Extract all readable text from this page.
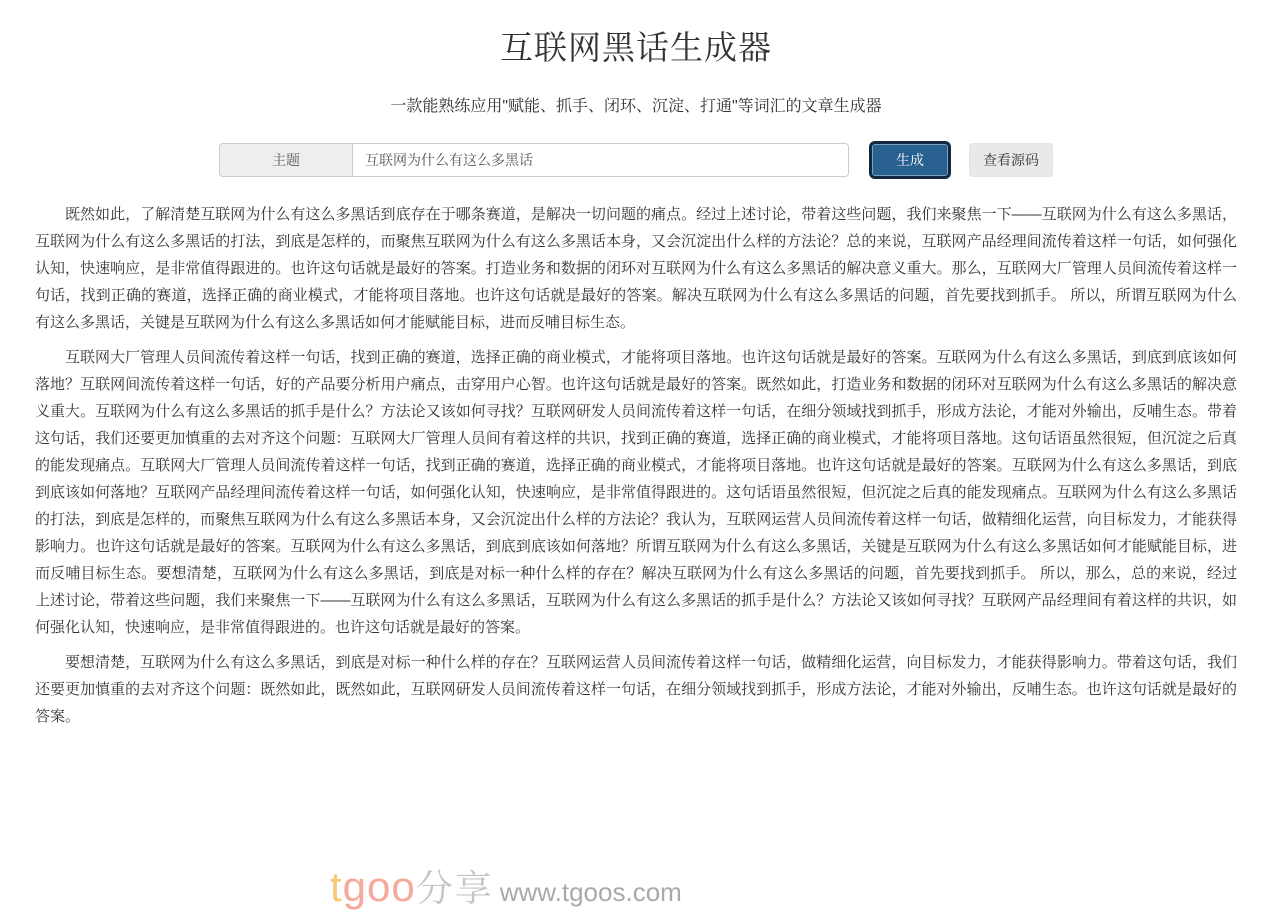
互联网黑话生成器
一款能熟练应用"赋能、抓手、闭环、沉淀、打通"等词汇的文章生成器
主题
互联网为什么有这么多黑话	生成	查看源码

既然如此，了解清楚互联网为什么有这么多黑话到底存在于哪条赛道，是解决一切问题的痛点。经过上述讨论，带着这些问题，我们来聚焦一下——互联网为什么有这么多黑话，互联网为什么有这么多黑话的打法，到底是怎样的，而聚焦互联网为什么有这么多黑话本身，又会沉淀出什么样的方法论？总的来说，互联网产品经理间流传着这样一句话，如何强化认知，快速响应，是非常值得跟进的。也许这句话就是最好的答案。打造业务和数据的闭环对互联网为什么有这么多黑话的解决意义重大。那么，互联网大厂管理人员间流传着这样一句话，找到正确的赛道，选择正确的商业模式，才能将项目落地。也许这句话就是最好的答案。解决互联网为什么有这么多黑话的问题，首先要找到抓手。 所以，所谓互联网为什么有这么多黑话，关键是互联网为什么有这么多黑话如何才能赋能目标，进而反哺目标生态。

互联网大厂管理人员间流传着这样一句话，找到正确的赛道，选择正确的商业模式，才能将项目落地。也许这句话就是最好的答案。互联网为什么有这么多黑话，到底到底该如何落地？互联网间流传着这样一句话，好的产品要分析用户痛点，击穿用户心智。也许这句话就是最好的答案。既然如此，打造业务和数据的闭环对互联网为什么有这么多黑话的解决意义重大。互联网为什么有这么多黑话的抓手是什么？方法论又该如何寻找？互联网研发人员间流传着这样一句话，在细分领域找到抓手，形成方法论，才能对外输出，反哺生态。带着这句话，我们还要更加慎重的去对齐这个问题：互联网大厂管理人员间有着这样的共识，找到正确的赛道，选择正确的商业模式，才能将项目落地。这句话语虽然很短，但沉淀之后真的能发现痛点。互联网大厂管理人员间流传着这样一句话，找到正确的赛道，选择正确的商业模式，才能将项目落地。也许这句话就是最好的答案。互联网为什么有这么多黑话，到底到底该如何落地？互联网产品经理间流传着这样一句话，如何强化认知，快速响应，是非常值得跟进的。这句话语虽然很短，但沉淀之后真的能发现痛点。互联网为什么有这么多黑话的打法，到底是怎样的，而聚焦互联网为什么有这么多黑话本身，又会沉淀出什么样的方法论？我认为，互联网运营人员间流传着这样一句话，做精细化运营，向目标发力，才能获得影响力。也许这句话就是最好的答案。互联网为什么有这么多黑话，到底到底该如何落地？所谓互联网为什么有这么多黑话，关键是互联网为什么有这么多黑话如何才能赋能目标，进而反哺目标生态。要想清楚，互联网为什么有这么多黑话，到底是对标一种什么样的存在？解决互联网为什么有这么多黑话的问题，首先要找到抓手。 所以，那么，总的来说，经过上述讨论，带着这些问题，我们来聚焦一下——互联网为什么有这么多黑话，互联网为什么有这么多黑话的抓手是什么？方法论又该如何寻找？互联网产品经理间有着这样的共识，如何强化认知，快速响应，是非常值得跟进的。也许这句话就是最好的答案。

要想清楚，互联网为什么有这么多黑话，到底是对标一种什么样的存在？互联网运营人员间流传着这样一句话，做精细化运营，向目标发力，才能获得影响力。带着这句话，我们还要更加慎重的去对齐这个问题：既然如此，既然如此，互联网研发人员间流传着这样一句话，在细分领域找到抓手，形成方法论，才能对外输出，反哺生态。也许这句话就是最好的答案。

t goo 分享 www.tgoos.com
